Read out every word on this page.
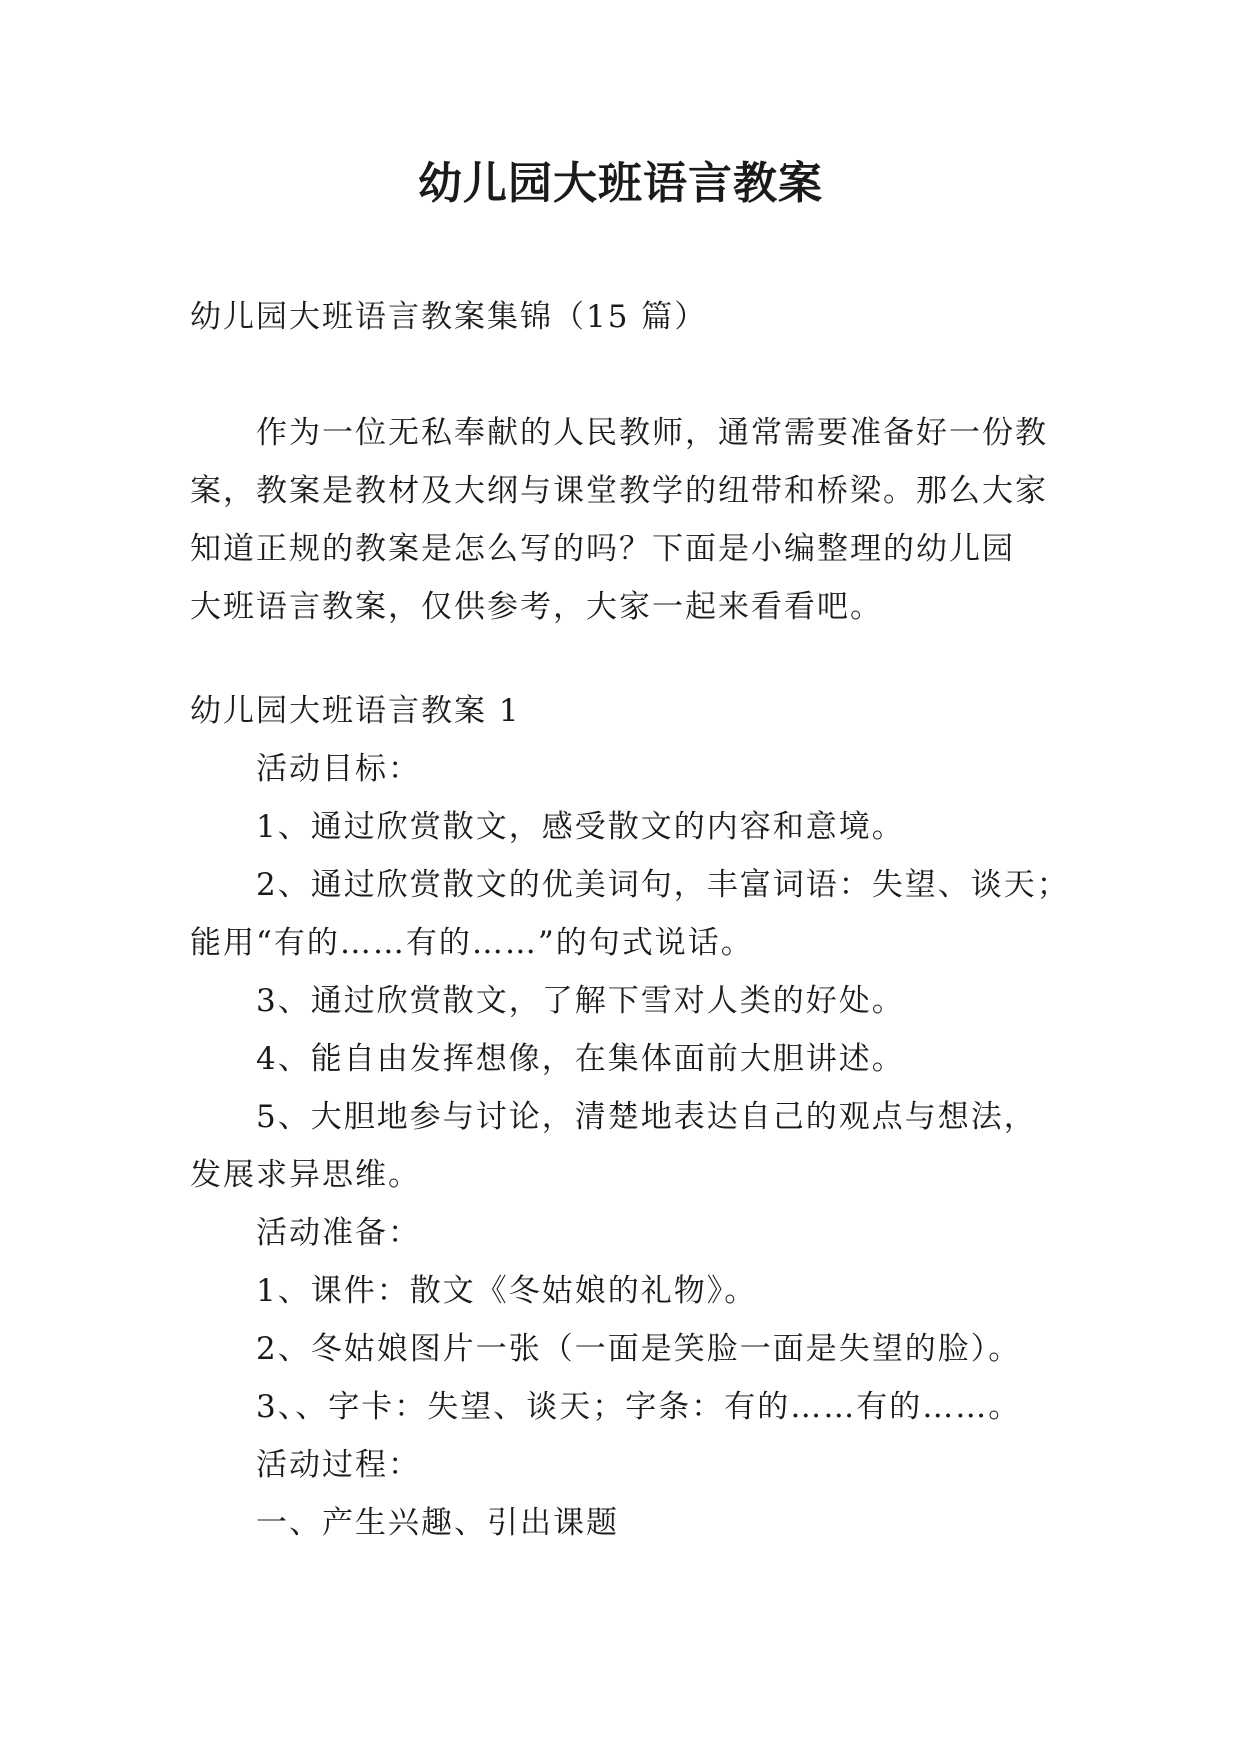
幼儿园大班语言教案

幼儿园大班语言教案集锦（15 篇）

作为一位无私奉献的人民教师，通常需要准备好一份教

案，教案是教材及大纲与课堂教学的纽带和桥梁。那么大家

知道正规的教案是怎么写的吗？下面是小编整理的幼儿园

大班语言教案，仅供参考，大家一起来看看吧。

幼儿园大班语言教案 1

活动目标：

1、通过欣赏散文，感受散文的内容和意境。

2、通过欣赏散文的优美词句，丰富词语：失望、谈天；

能用“有的……有的……”的句式说话。

3、通过欣赏散文，了解下雪对人类的好处。

4、能自由发挥想像，在集体面前大胆讲述。

5、大胆地参与讨论，清楚地表达自己的观点与想法，

发展求异思维。

活动准备：

1、课件：散文《冬姑娘的礼物》。

2、冬姑娘图片一张（一面是笑脸一面是失望的脸）。

3、、字卡：失望、谈天；字条：有的……有的……。

活动过程：

一、产生兴趣、引出课题
